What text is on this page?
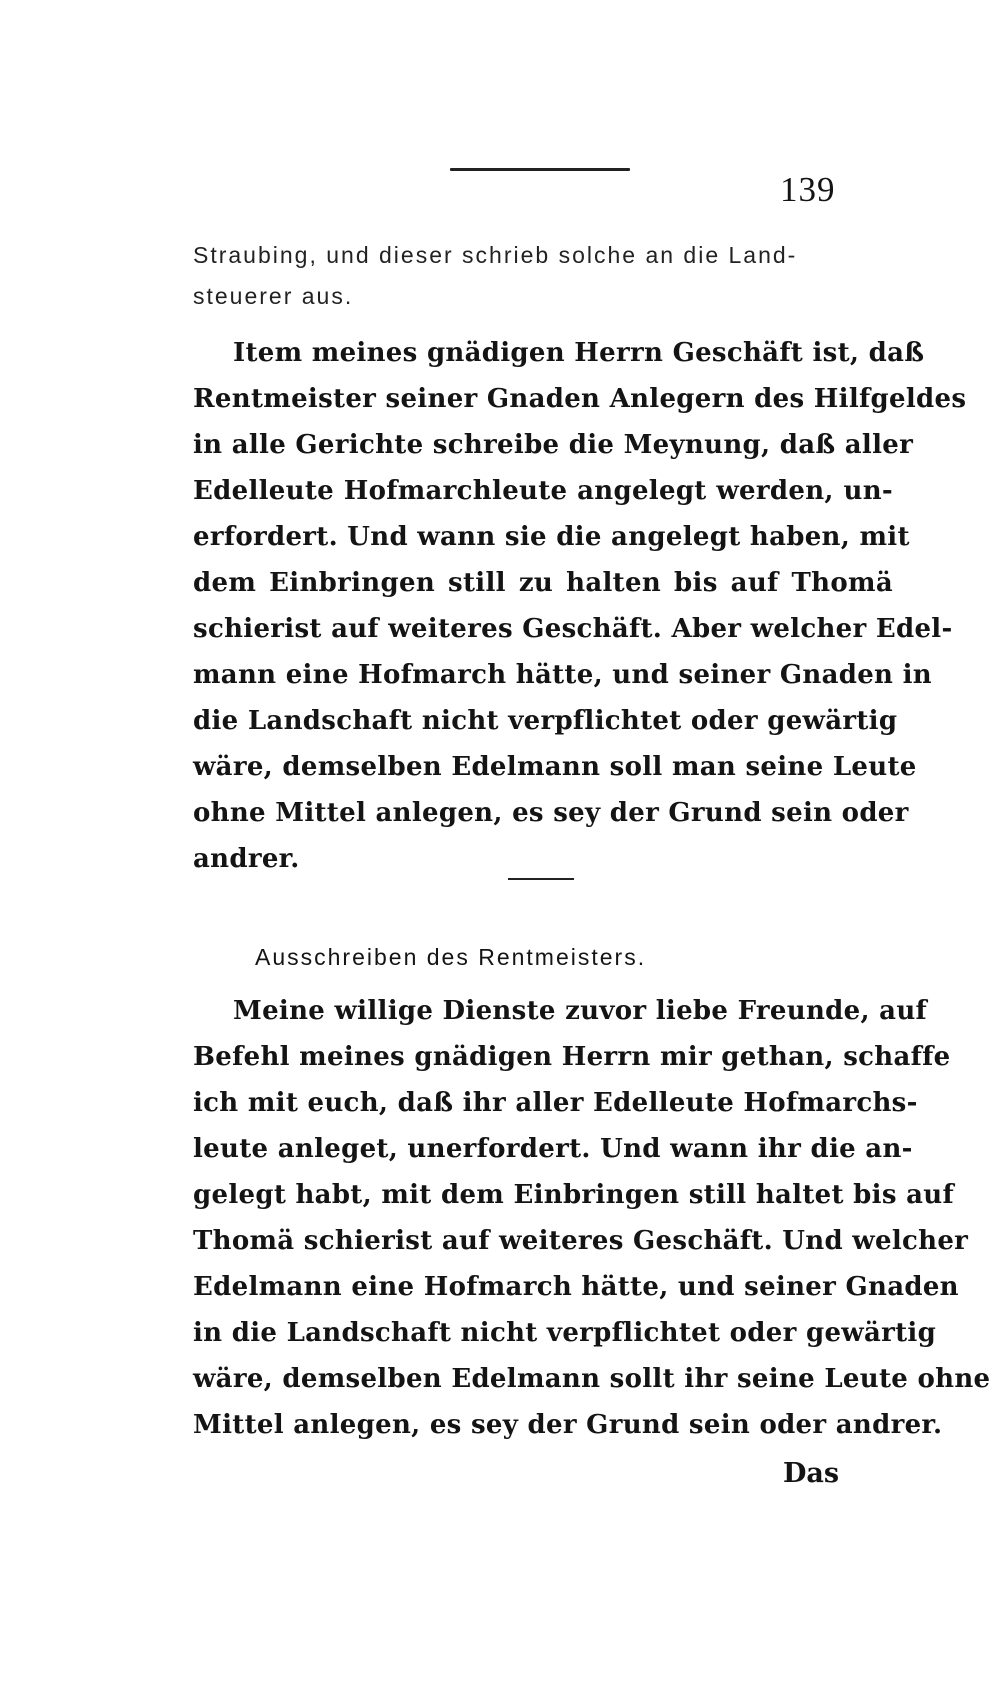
139
Straubing, und dieser schrieb solche an die Land-
steuerer aus.
Item meines gnädigen Herrn Geschäft ist, daß
Rentmeister seiner Gnaden Anlegern des Hilfgeldes
in alle Gerichte schreibe die Meynung, daß aller
Edelleute Hofmarchleute angelegt werden, un-
erfordert. Und wann sie die angelegt haben, mit
dem Einbringen still zu halten bis auf Thomä
schierist auf weiteres Geschäft. Aber welcher Edel-
mann eine Hofmarch hätte, und seiner Gnaden in
die Landschaft nicht verpflichtet oder gewärtig
wäre, demselben Edelmann soll man seine Leute
ohne Mittel anlegen, es sey der Grund sein oder
andrer.
Ausschreiben des Rentmeisters.
Meine willige Dienste zuvor liebe Freunde, auf
Befehl meines gnädigen Herrn mir gethan, schaffe
ich mit euch, daß ihr aller Edelleute Hofmarchs-
leute anleget, unerfordert. Und wann ihr die an-
gelegt habt, mit dem Einbringen still haltet bis auf
Thomä schierist auf weiteres Geschäft. Und welcher
Edelmann eine Hofmarch hätte, und seiner Gnaden
in die Landschaft nicht verpflichtet oder gewärtig
wäre, demselben Edelmann sollt ihr seine Leute ohne
Mittel anlegen, es sey der Grund sein oder andrer.
Das
